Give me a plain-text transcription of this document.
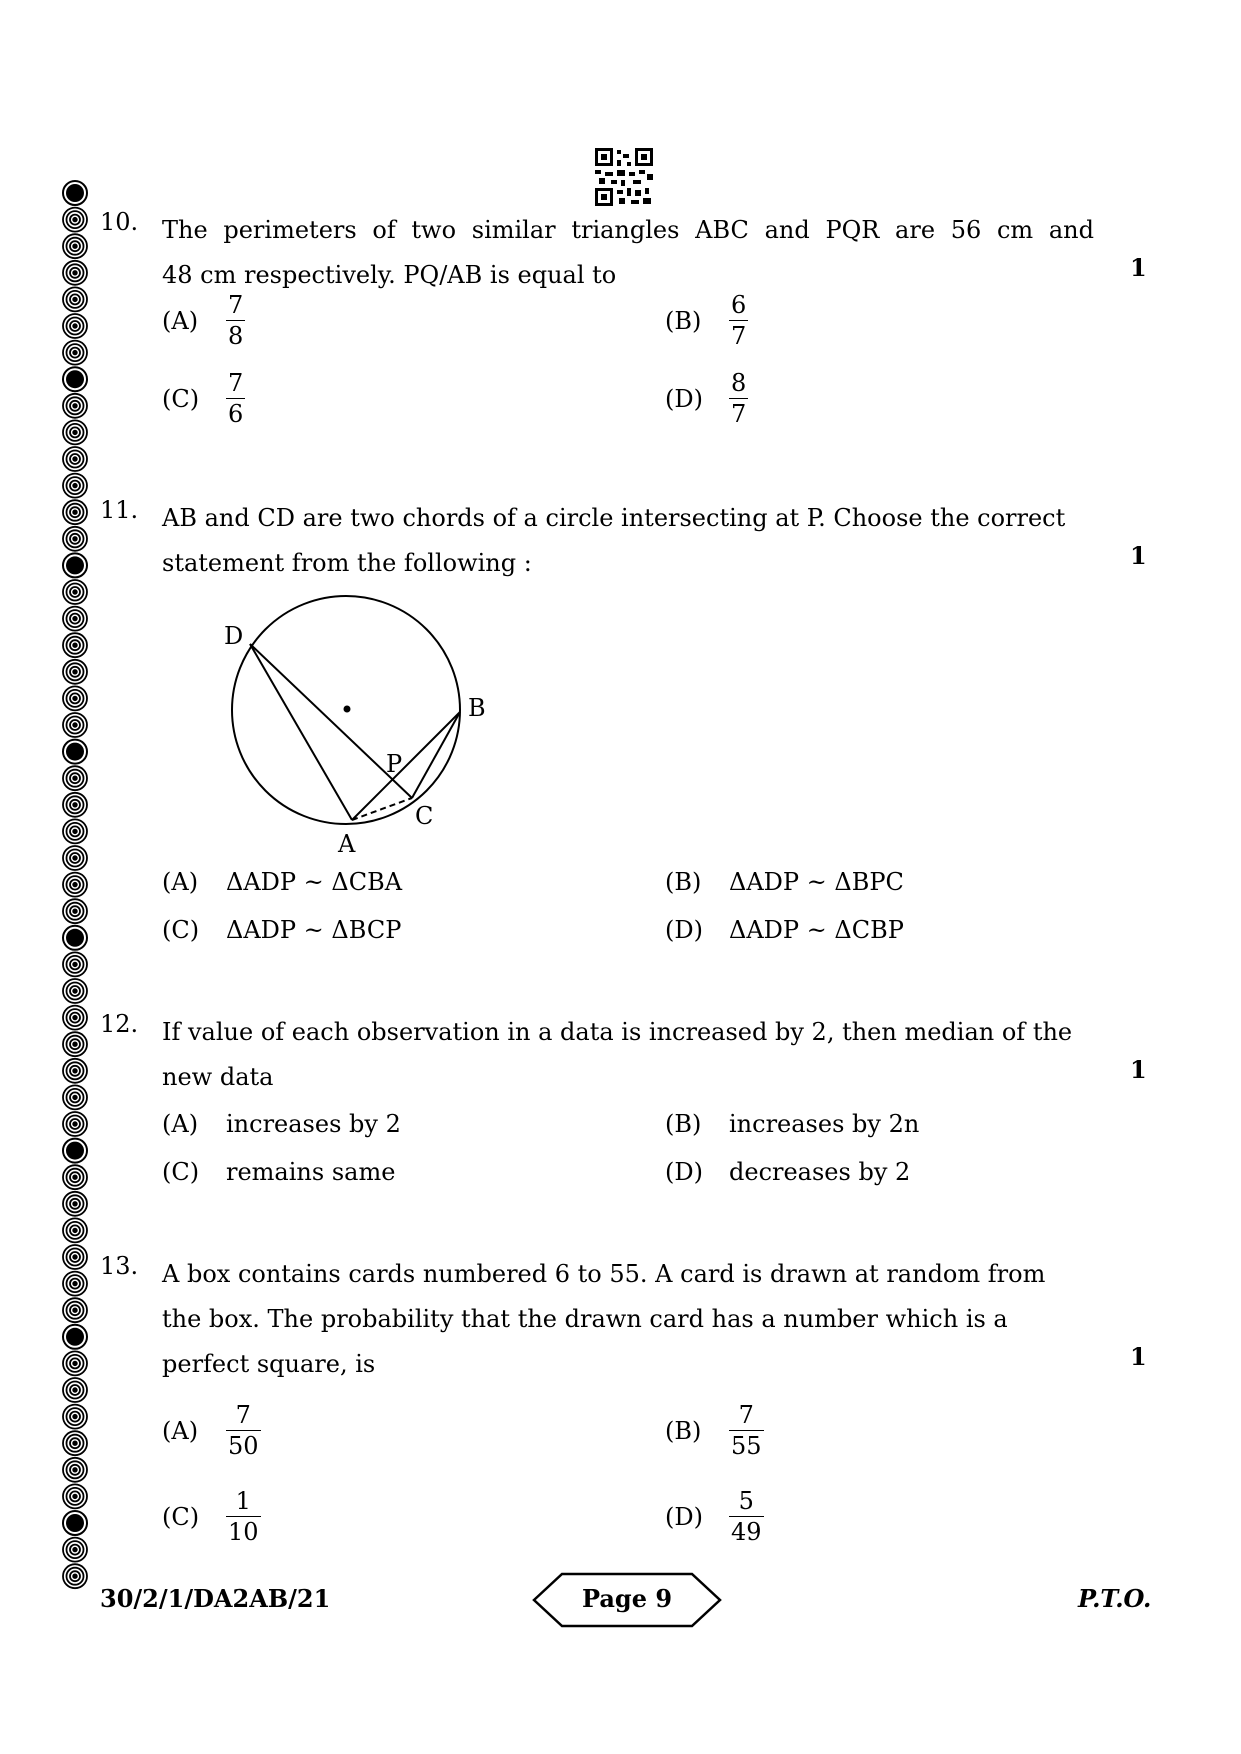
10. The perimeters of two similar triangles ABC and PQR are 56 cm and
48 cm respectively. PQ/AB is equal to	1
(A)	$\frac{7}{8}$	(B)	$\frac{6}{7}$
(C)	$\frac{7}{6}$	(D)	$\frac{8}{7}$
11. AB and CD are two chords of a circle intersecting at P. Choose the correct
statement from the following :	1
D
B
P
C
A
(A)	ΔADP ~ ΔCBA	(B)	ΔADP ~ ΔBPC
(C)	ΔADP ~ ΔBCP	(D)	ΔADP ~ ΔCBP
12. If value of each observation in a data is increased by 2, then median of the
new data	1
(A)	increases by 2	(B)	increases by 2n
(C)	remains same	(D)	decreases by 2
13. A box contains cards numbered 6 to 55. A card is drawn at random from
the box. The probability that the drawn card has a number which is a
perfect square, is	1
(A)	$\frac{7}{50}$	(B)	$\frac{7}{55}$
(C)	$\frac{1}{10}$	(D)	$\frac{5}{49}$
30/2/1/DA2AB/21	Page 9	P.T.O.
